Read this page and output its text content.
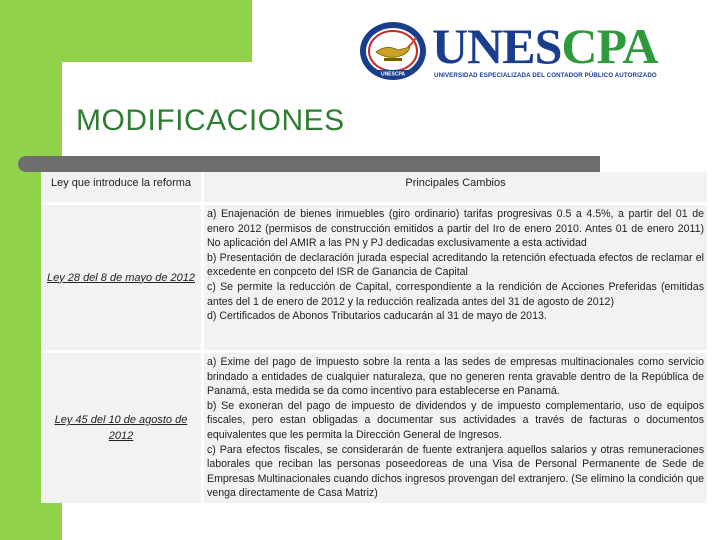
UNESCPA
UNESCPA
UNIVERSIDAD ESPECIALIZADA DEL CONTADOR PÚBLICO AUTORIZADO
MODIFICACIONES
Ley que introduce la reforma	Principales Cambios
Ley 28 del 8 de mayo de 2012

a) Enajenación de bienes inmuebles (giro ordinario) tarifas progresivas 0.5 a 4.5%, a partir del 01 de enero 2012 (permisos de construcción emitidos a partir del Iro de enero 2010. Antes 01 de enero 2011) No aplicación del AMIR a las PN y PJ dedicadas exclusivamente a esta actividad

b) Presentación de declaración jurada especial acreditando la retención efectuada efectos de reclamar el excedente en conpceto del ISR de Ganancia de Capital

c) Se permite la reducción de Capital, correspondiente a la rendición de Acciones Preferidas (emitidas antes del 1 de enero de 2012 y la reducción realizada antes del 31 de agosto de 2012)

d) Certificados de Abonos Tributarios caducarán al 31 de mayo de 2013.

Ley 45 del 10 de agosto de 2012

a) Exime del pago de impuesto sobre la renta a las sedes de empresas multinacionales como servicio brindado a entidades de cualquier naturaleza, que no generen renta gravable dentro de la República de Panamá, esta medida se da como incentivo para establecerse en Panamá.

b) Se exoneran del pago de impuesto de dividendos y de impuesto complementario, uso de equipos fiscales, pero estan obligadas a documentar sus actividades a través de facturas o documentos equivalentes que les permita la Dirección General de Ingresos.

c) Para efectos fiscales, se considerarán de fuente extranjera aquellos salarios y otras remuneraciones laborales que reciban las personas poseedoreas de una Visa de Personal Permanente de Sede de Empresas Multinacionales cuando dichos ingresos provengan del extranjero. (Se elimino la condición que venga directamente de Casa Matriz)
